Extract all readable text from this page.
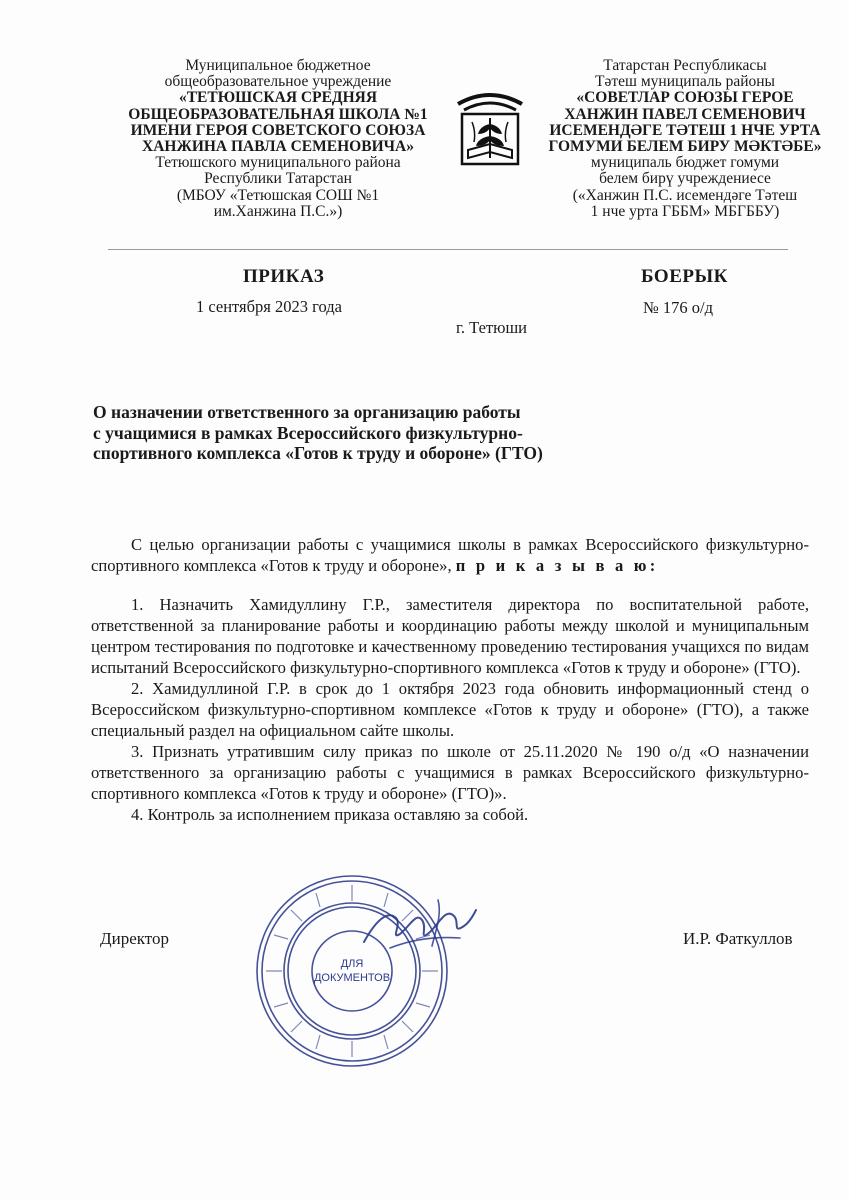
Муниципальное бюджетное
общеобразовательное учреждение
«ТЕТЮШСКАЯ СРЕДНЯЯ
ОБЩЕОБРАЗОВАТЕЛЬНАЯ ШКОЛА №1
ИМЕНИ ГЕРОЯ СОВЕТСКОГО СОЮЗА
ХАНЖИНА ПАВЛА СЕМЕНОВИЧА»
Тетюшского муниципального района
Республики Татарстан
(МБОУ «Тетюшская СОШ №1
им.Ханжина П.С.»)
Татарстан Республикасы
Тәтеш муниципаль районы
«СОВЕТЛАР СОЮЗЫ ГЕРОЕ
ХАНЖИН ПАВЕЛ СЕМЕНОВИЧ
ИСЕМЕНДӘГЕ ТӘТЕШ 1 НЧЕ УРТА
ГОМУМИ БЕЛЕМ БИРУ МӘКТӘБЕ»
муниципаль бюджет гомуми
белем бирү учреждениесе
(«Ханжин П.С. исемендәге Тәтеш
1 нче урта ГББМ» МБГББУ)
ПРИКАЗ	БОЕРЫК
1 сентября 2023 года	№ 176 о/д
г. Тетюши
О назначении ответственного за организацию работы
с учащимися в рамках Всероссийского физкультурно-
спортивного комплекса «Готов к труду и обороне» (ГТО)

С целью организации работы с учащимися школы в рамках Всероссийского физкультурно-спортивного комплекса «Готов к труду и обороне», п р и к а з ы в а ю:

1. Назначить Хамидуллину Г.Р., заместителя директора по воспитательной работе, ответственной за планирование работы и координацию работы между школой и муниципальным центром тестирования по подготовке и качественному проведению тестирования учащихся по видам испытаний Всероссийского физкультурно-спортивного комплекса «Готов к труду и обороне» (ГТО).

2. Хамидуллиной Г.Р. в срок до 1 октября 2023 года обновить информационный стенд о Всероссийском физкультурно-спортивном комплексе «Готов к труду и обороне» (ГТО), а также специальный раздел на официальном сайте школы.

3. Признать утратившим силу приказ по школе от 25.11.2020 № 190 о/д «О назначении ответственного за организацию работы с учащимися в рамках Всероссийского физкультурно-спортивного комплекса «Готов к труду и обороне» (ГТО)».

4. Контроль за исполнением приказа оставляю за собой.

Директор	И.Р. Фаткуллов
ДЛЯ
ДОКУМЕНТОВ
